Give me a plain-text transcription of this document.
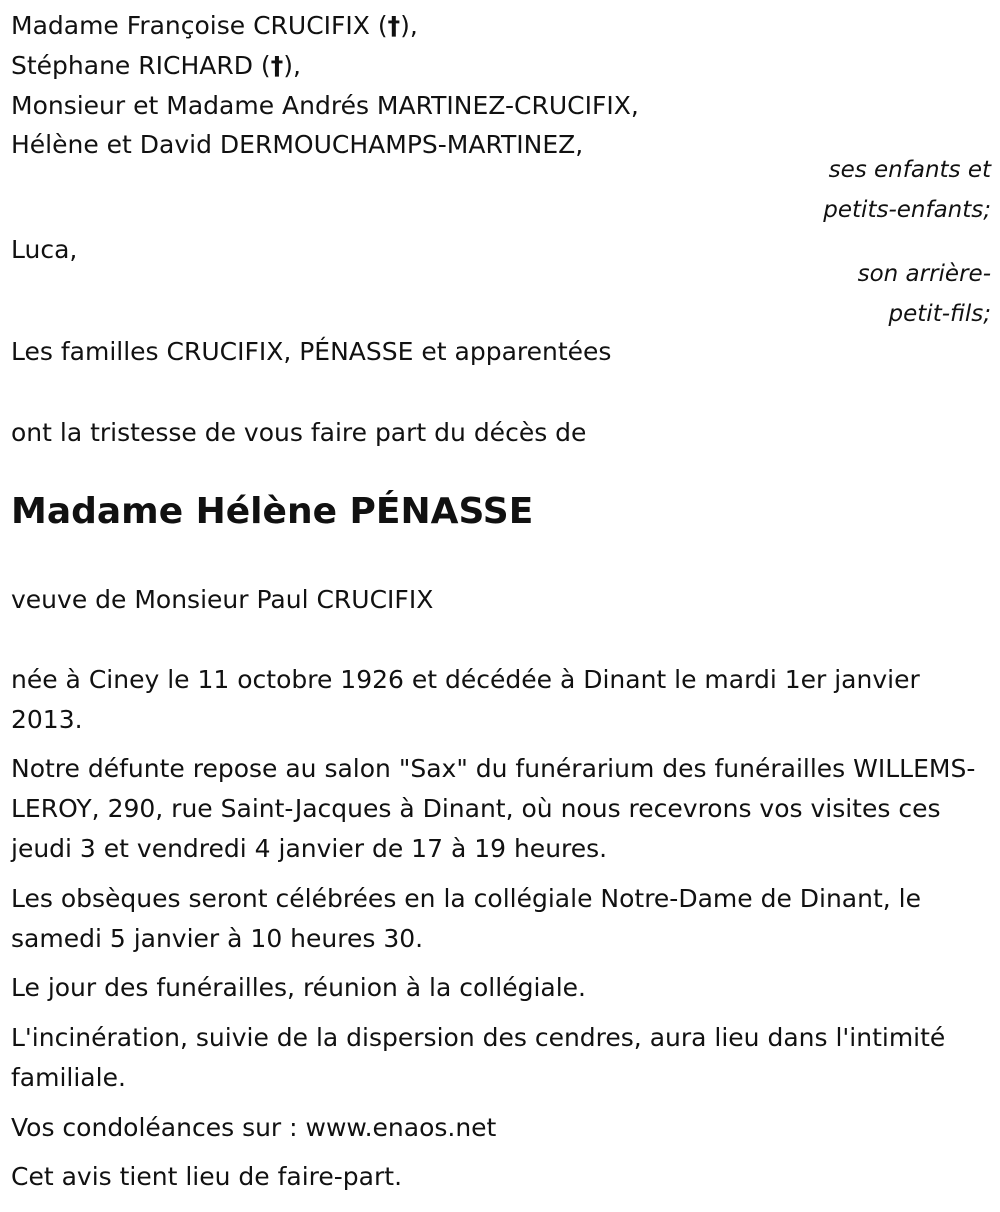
Madame Françoise CRUCIFIX (†),
Stéphane RICHARD (†),
Monsieur et Madame Andrés MARTINEZ-CRUCIFIX,
Hélène et David DERMOUCHAMPS-MARTINEZ,
ses enfants et
petits-enfants;
Luca,
son arrière-
petit-fils;
Les familles CRUCIFIX, PÉNASSE et apparentées
ont la tristesse de vous faire part du décès de
Madame Hélène PÉNASSE
veuve de Monsieur Paul CRUCIFIX
née à Ciney le 11 octobre 1926 et décédée à Dinant le mardi 1er janvier 2013.
Notre défunte repose au salon "Sax" du funérarium des funérailles WILLEMS-LEROY, 290, rue Saint-Jacques à Dinant, où nous recevrons vos visites ces jeudi 3 et vendredi 4 janvier de 17 à 19 heures.
Les obsèques seront célébrées en la collégiale Notre-Dame de Dinant, le samedi 5 janvier à 10 heures 30.
Le jour des funérailles, réunion à la collégiale.
L'incinération, suivie de la dispersion des cendres, aura lieu dans l'intimité familiale.
Vos condoléances sur : www.enaos.net
Cet avis tient lieu de faire-part.
